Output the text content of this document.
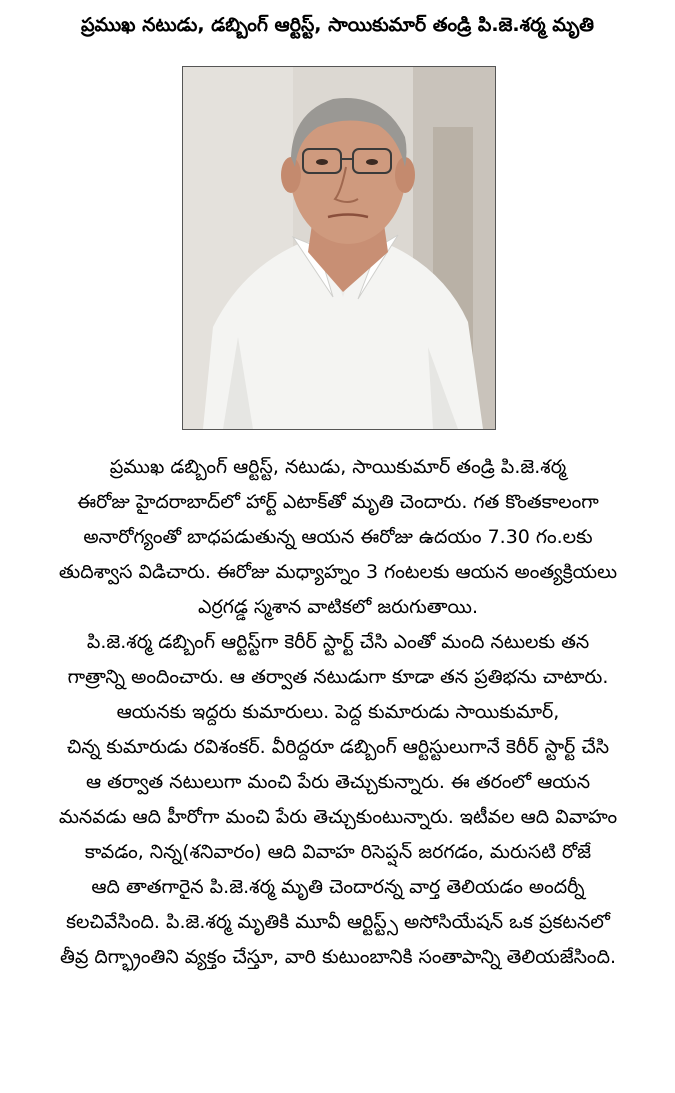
ప్రముఖ నటుడు, డబ్బింగ్ ఆర్టిస్ట్, సాయికుమార్ తండ్రి పి.జె.శర్మ మృతి
ప్రముఖ డబ్బింగ్ ఆర్టిస్ట్, నటుడు, సాయికుమార్ తండ్రి పి.జె.శర్మ
ఈరోజు హైదరాబాద్‌లో హార్ట్ ఎటాక్‌తో మృతి చెందారు. గత కొంతకాలంగా
అనారోగ్యంతో బాధపడుతున్న ఆయన ఈరోజు ఉదయం 7.30 గం.లకు
తుదిశ్వాస విడిచారు. ఈరోజు మధ్యాహ్నం 3 గంటలకు ఆయన అంత్యక్రియలు
ఎర్రగడ్డ స్మశాన వాటికలో జరుగుతాయి.
పి.జె.శర్మ డబ్బింగ్ ఆర్టిస్ట్‌గా కెరీర్ స్టార్ట్ చేసి ఎంతో మంది నటులకు తన
గాత్రాన్ని అందించారు. ఆ తర్వాత నటుడుగా కూడా తన ప్రతిభను చాటారు.
ఆయనకు ఇద్దరు కుమారులు. పెద్ద కుమారుడు సాయికుమార్,
చిన్న కుమారుడు రవిశంకర్. వీరిద్దరూ డబ్బింగ్ ఆర్టిస్టులుగానే కెరీర్ స్టార్ట్ చేసి
ఆ తర్వాత నటులుగా మంచి పేరు తెచ్చుకున్నారు. ఈ తరంలో ఆయన
మనవడు ఆది హీరోగా మంచి పేరు తెచ్చుకుంటున్నారు. ఇటీవల ఆది వివాహం
కావడం, నిన్న(శనివారం) ఆది వివాహ రిసెప్షన్ జరగడం, మరుసటి రోజే
ఆది తాతగారైన పి.జె.శర్మ మృతి చెందారన్న వార్త తెలియడం అందర్నీ
కలచివేసింది. పి.జె.శర్మ మృతికి మూవీ ఆర్టిస్ట్స్ అసోసియేషన్ ఒక ప్రకటనలో
తీవ్ర దిగ్భ్రాంతిని వ్యక్తం చేస్తూ, వారి కుటుంబానికి సంతాపాన్ని తెలియజేసింది.
